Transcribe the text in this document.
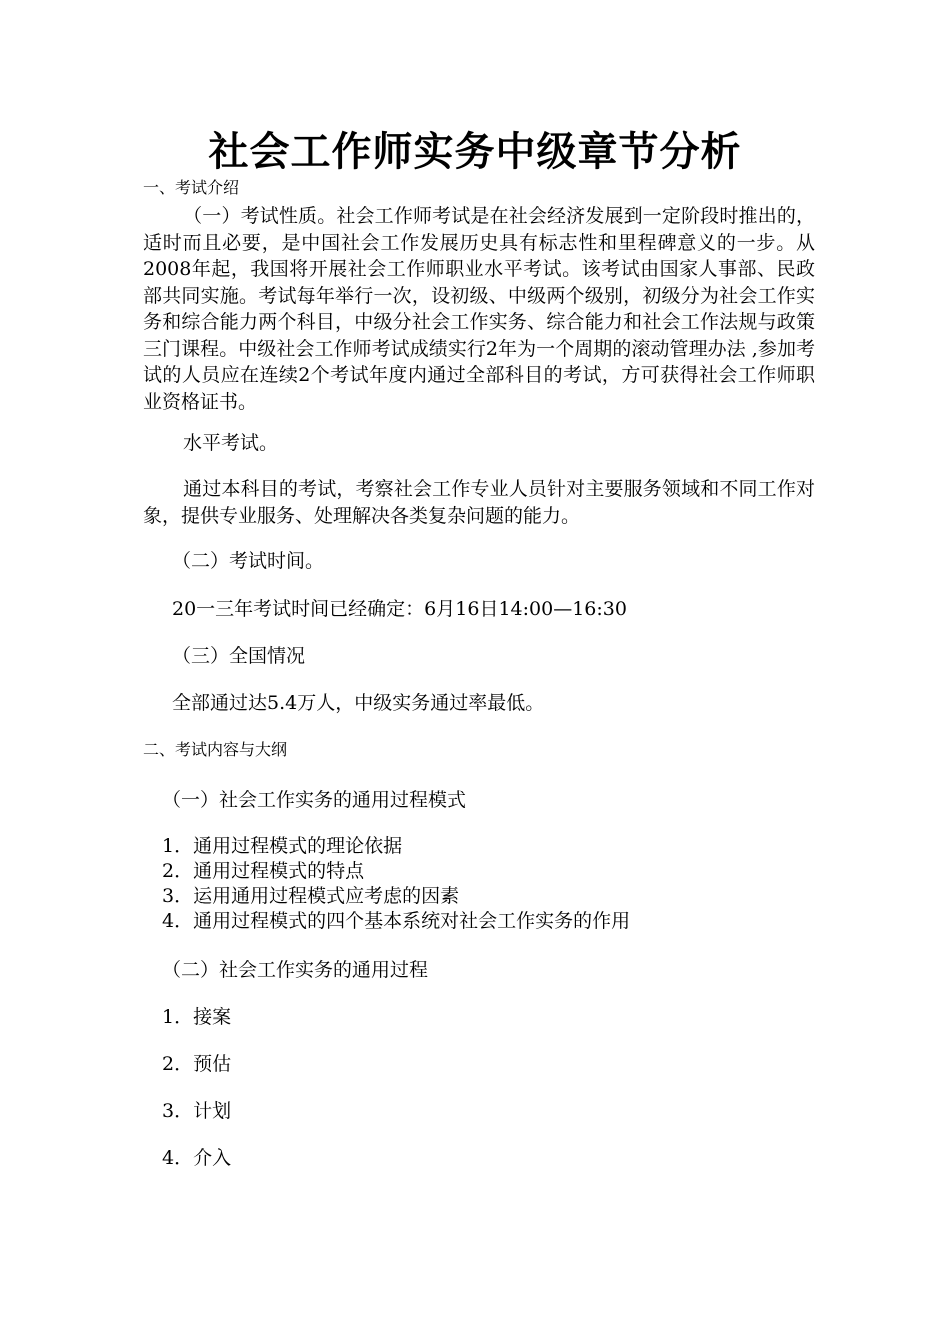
社会工作师实务中级章节分析
一、考试介绍
（一）考试性质。社会工作师考试是在社会经济发展到一定阶段时推出的，适时而且必要，是中国社会工作发展历史具有标志性和里程碑意义的一步。从2008年起，我国将开展社会工作师职业水平考试。该考试由国家人事部、民政部共同实施。考试每年举行一次，设初级、中级两个级别，初级分为社会工作实务和综合能力两个科目，中级分社会工作实务、综合能力和社会工作法规与政策三门课程。中级社会工作师考试成绩实行2年为一个周期的滚动管理办法 ,参加考试的人员应在连续2个考试年度内通过全部科目的考试，方可获得社会工作师职业资格证书。
水平考试。
通过本科目的考试，考察社会工作专业人员针对主要服务领域和不同工作对象，提供专业服务、处理解决各类复杂问题的能力。
（二）考试时间。
20一三年考试时间已经确定：6月16日14:00—16:30
（三）全国情况
全部通过达5.4万人，中级实务通过率最低。
二、考试内容与大纲
（一）社会工作实务的通用过程模式
1．通用过程模式的理论依据
2．通用过程模式的特点
3．运用通用过程模式应考虑的因素
4．通用过程模式的四个基本系统对社会工作实务的作用
（二）社会工作实务的通用过程
1．接案
2．预估
3．计划
4．介入
